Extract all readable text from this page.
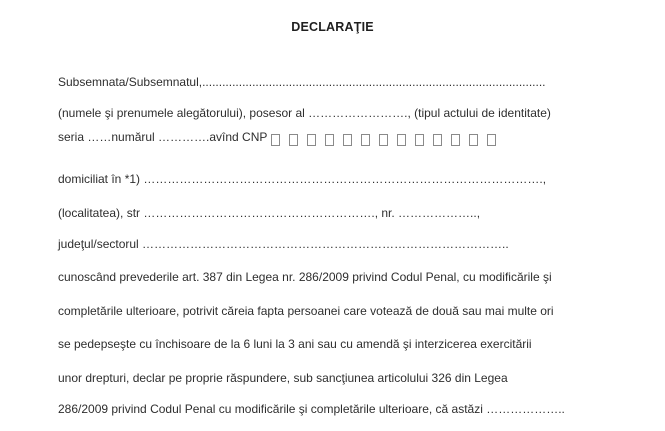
DECLARAŢIE
Subsemnata/Subsemnatul,.......................................................................................................
(numele şi prenumele alegătorului), posesor al ……………………., (tipul actului de identitate)
seria ……numărul ………….avînd CNP
domiciliat în *1) ……………………………………………………………………………………….,
(localitatea), str …………………………………………………., nr. ………………..,
judeţul/sectorul ………………………………………………………………………………..
cunoscând prevederile art. 387 din Legea nr. 286/2009 privind Codul Penal, cu modificările şi
completările ulterioare, potrivit căreia fapta persoanei care votează de două sau mai multe ori
se pedepseşte cu închisoare de la 6 luni la 3 ani sau cu amendă şi interzicerea exercitării
unor drepturi, declar pe proprie răspundere, sub sancţiunea articolului 326 din Legea
286/2009 privind Codul Penal cu modificările şi completările ulterioare, că astăzi ………………..
